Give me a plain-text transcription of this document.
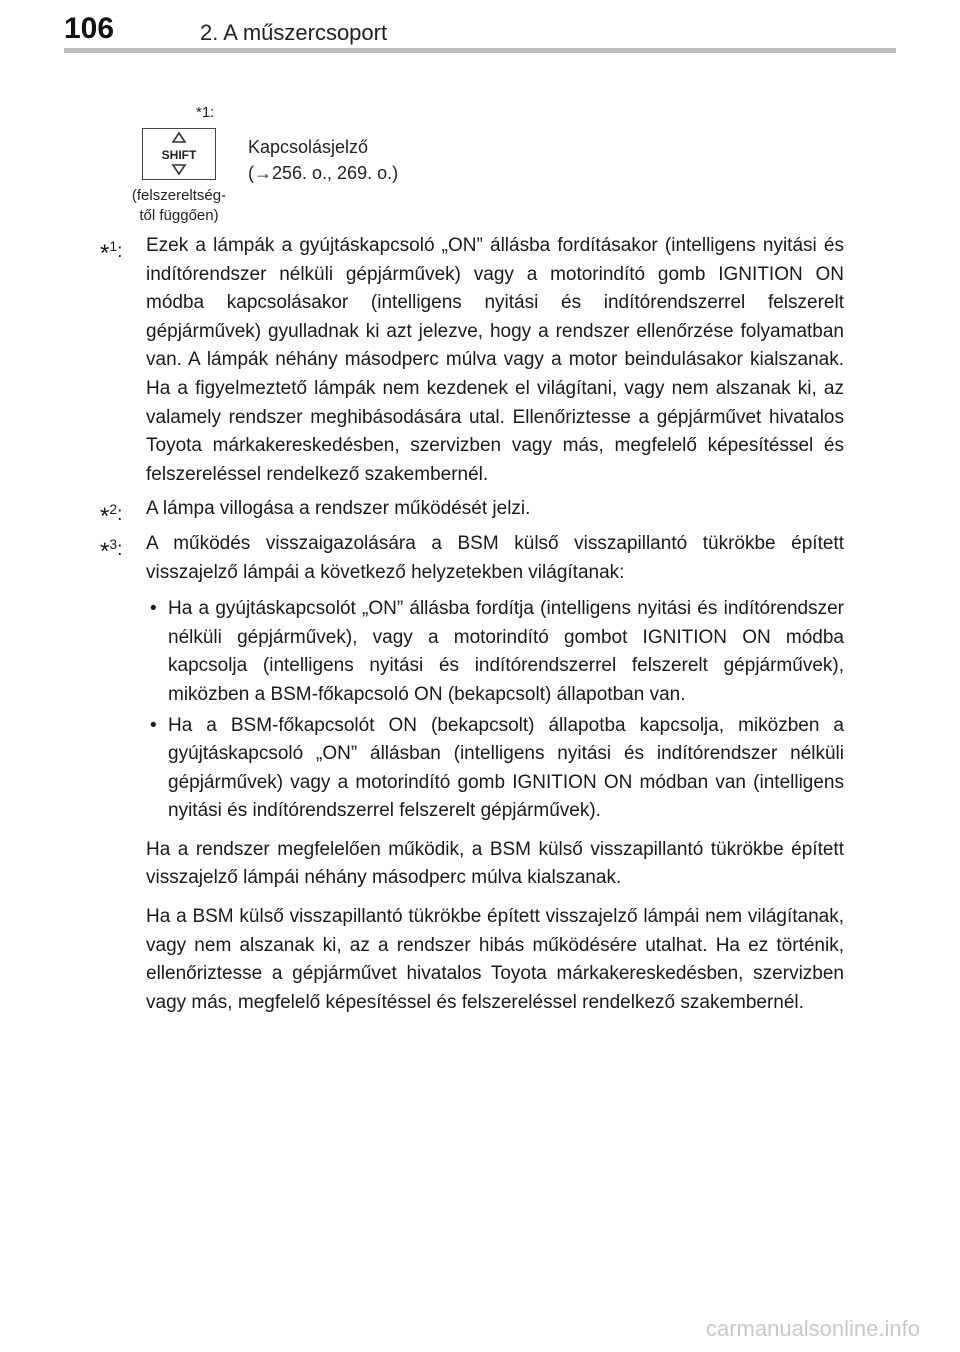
106	2. A műszercsoport
*1:
SHIFT
(felszereltség-
től függően)
Kapcsolásjelző
(→256. o., 269. o.)
*$^1$: Ezek a lámpák a gyújtáskapcsoló „ON” állásba fordításakor (intelligens nyitási és indítórendszer nélküli gépjárművek) vagy a motorindító gomb IGNITION ON módba kapcsolásakor (intelligens nyitási és indítórendszerrel felszerelt gépjárművek) gyulladnak ki azt jelezve, hogy a rendszer ellenőrzése folyamatban van. A lámpák néhány másodperc múlva vagy a motor beindulásakor kialszanak. Ha a figyelmeztető lámpák nem kezdenek el világítani, vagy nem alszanak ki, az valamely rendszer meghibásodására utal. Ellenőriztesse a gépjárművet hivatalos Toyota márkakereskedésben, szervizben vagy más, megfelelő képesítéssel és felszereléssel rendelkező szakembernél.
*$^2$: A lámpa villogása a rendszer működését jelzi.
*$^3$: A működés visszaigazolására a BSM külső visszapillantó tükrökbe épített visszajelző lámpái a következő helyzetekben világítanak:
• Ha a gyújtáskapcsolót „ON” állásba fordítja (intelligens nyitási és indítórendszer nélküli gépjárművek), vagy a motorindító gombot IGNITION ON módba kapcsolja (intelligens nyitási és indítórendszerrel felszerelt gépjárművek), miközben a BSM-főkapcsoló ON (bekapcsolt) állapotban van.
• Ha a BSM-főkapcsolót ON (bekapcsolt) állapotba kapcsolja, miközben a gyújtáskapcsoló „ON” állásban (intelligens nyitási és indítórendszer nélküli gépjárművek) vagy a motorindító gomb IGNITION ON módban van (intelligens nyitási és indítórendszerrel felszerelt gépjárművek).

Ha a rendszer megfelelően működik, a BSM külső visszapillantó tükrökbe épített visszajelző lámpái néhány másodperc múlva kialszanak.

Ha a BSM külső visszapillantó tükrökbe épített visszajelző lámpái nem világítanak, vagy nem alszanak ki, az a rendszer hibás működésére utalhat. Ha ez történik, ellenőriztesse a gépjárművet hivatalos Toyota márkakereskedésben, szervizben vagy más, megfelelő képesítéssel és felszereléssel rendelkező szakembernél.

carmanualsonline.info
